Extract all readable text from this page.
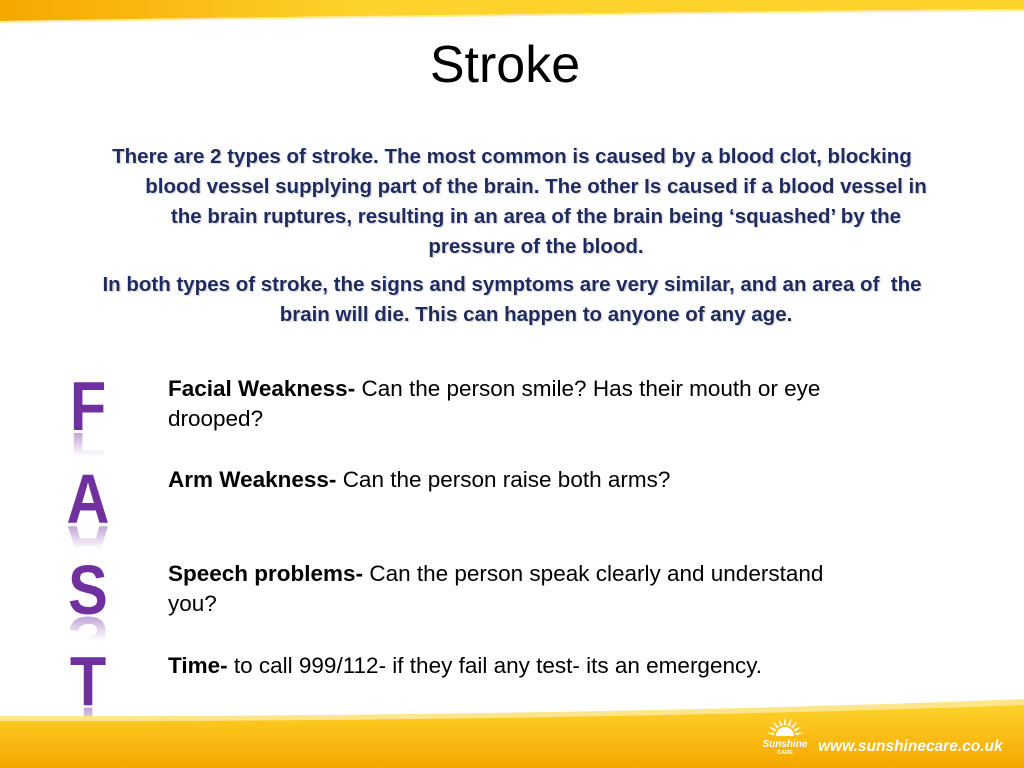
Stroke
There are 2 types of stroke. The most common is caused by a blood clot, blocking
blood vessel supplying part of the brain. The other Is caused if a blood vessel in
the brain ruptures, resulting in an area of the brain being ‘squashed’ by the
pressure of the blood.
In both types of stroke, the signs and symptoms are very similar, and an area of  the
brain will die. This can happen to anyone of any age.
F
A
S
T
Facial Weakness- Can the person smile? Has their mouth or eye drooped?
Arm Weakness- Can the person raise both arms?
Speech problems- Can the person speak clearly and understand you?
Time- to call 999/112- if they fail any test- its an emergency.
Sunshine
CARE www.sunshinecare.co.uk
